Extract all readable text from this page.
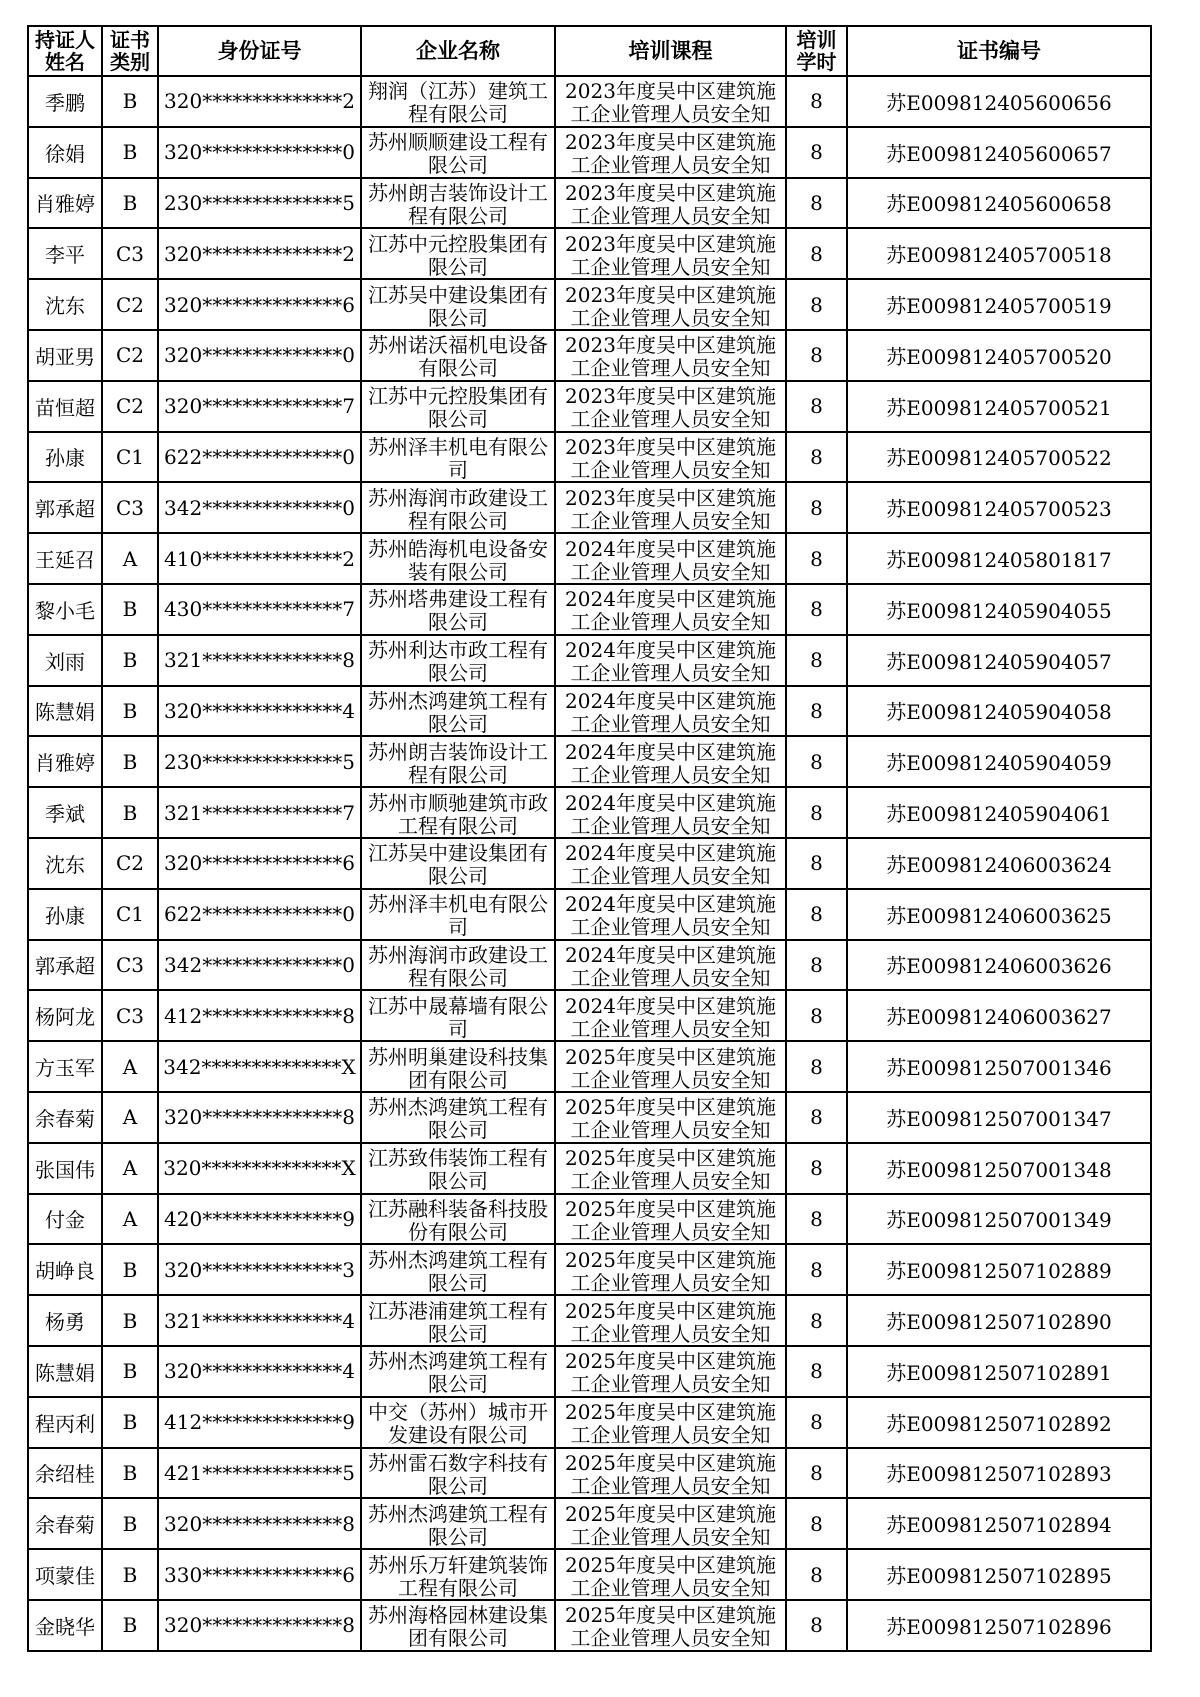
持证人姓名	证书类别	身份证号	企业名称	培训课程	培训学时	证书编号
季鹏	B	320**************2	翔润（江苏）建筑工程有限公司	2023年度吴中区建筑施工企业管理人员安全知	8	苏E009812405600656
徐娟	B	320**************0	苏州顺顺建设工程有限公司	2023年度吴中区建筑施工企业管理人员安全知	8	苏E009812405600657
肖雅婷	B	230**************5	苏州朗吉装饰设计工程有限公司	2023年度吴中区建筑施工企业管理人员安全知	8	苏E009812405600658
李平	C3	320**************2	江苏中元控股集团有限公司	2023年度吴中区建筑施工企业管理人员安全知	8	苏E009812405700518
沈东	C2	320**************6	江苏吴中建设集团有限公司	2023年度吴中区建筑施工企业管理人员安全知	8	苏E009812405700519
胡亚男	C2	320**************0	苏州诺沃福机电设备有限公司	2023年度吴中区建筑施工企业管理人员安全知	8	苏E009812405700520
苗恒超	C2	320**************7	江苏中元控股集团有限公司	2023年度吴中区建筑施工企业管理人员安全知	8	苏E009812405700521
孙康	C1	622**************0	苏州泽丰机电有限公司	2023年度吴中区建筑施工企业管理人员安全知	8	苏E009812405700522
郭承超	C3	342**************0	苏州海润市政建设工程有限公司	2023年度吴中区建筑施工企业管理人员安全知	8	苏E009812405700523
王延召	A	410**************2	苏州皓海机电设备安装有限公司	2024年度吴中区建筑施工企业管理人员安全知	8	苏E009812405801817
黎小毛	B	430**************7	苏州塔弗建设工程有限公司	2024年度吴中区建筑施工企业管理人员安全知	8	苏E009812405904055
刘雨	B	321**************8	苏州利达市政工程有限公司	2024年度吴中区建筑施工企业管理人员安全知	8	苏E009812405904057
陈慧娟	B	320**************4	苏州杰鸿建筑工程有限公司	2024年度吴中区建筑施工企业管理人员安全知	8	苏E009812405904058
肖雅婷	B	230**************5	苏州朗吉装饰设计工程有限公司	2024年度吴中区建筑施工企业管理人员安全知	8	苏E009812405904059
季斌	B	321**************7	苏州市顺驰建筑市政工程有限公司	2024年度吴中区建筑施工企业管理人员安全知	8	苏E009812405904061
沈东	C2	320**************6	江苏吴中建设集团有限公司	2024年度吴中区建筑施工企业管理人员安全知	8	苏E009812406003624
孙康	C1	622**************0	苏州泽丰机电有限公司	2024年度吴中区建筑施工企业管理人员安全知	8	苏E009812406003625
郭承超	C3	342**************0	苏州海润市政建设工程有限公司	2024年度吴中区建筑施工企业管理人员安全知	8	苏E009812406003626
杨阿龙	C3	412**************8	江苏中晟幕墙有限公司	2024年度吴中区建筑施工企业管理人员安全知	8	苏E009812406003627
方玉军	A	342**************X	苏州明巢建设科技集团有限公司	2025年度吴中区建筑施工企业管理人员安全知	8	苏E009812507001346
余春菊	A	320**************8	苏州杰鸿建筑工程有限公司	2025年度吴中区建筑施工企业管理人员安全知	8	苏E009812507001347
张国伟	A	320**************X	江苏致伟装饰工程有限公司	2025年度吴中区建筑施工企业管理人员安全知	8	苏E009812507001348
付金	A	420**************9	江苏融科装备科技股份有限公司	2025年度吴中区建筑施工企业管理人员安全知	8	苏E009812507001349
胡峥良	B	320**************3	苏州杰鸿建筑工程有限公司	2025年度吴中区建筑施工企业管理人员安全知	8	苏E009812507102889
杨勇	B	321**************4	江苏港浦建筑工程有限公司	2025年度吴中区建筑施工企业管理人员安全知	8	苏E009812507102890
陈慧娟	B	320**************4	苏州杰鸿建筑工程有限公司	2025年度吴中区建筑施工企业管理人员安全知	8	苏E009812507102891
程丙利	B	412**************9	中交（苏州）城市开发建设有限公司	2025年度吴中区建筑施工企业管理人员安全知	8	苏E009812507102892
余绍桂	B	421**************5	苏州雷石数字科技有限公司	2025年度吴中区建筑施工企业管理人员安全知	8	苏E009812507102893
余春菊	B	320**************8	苏州杰鸿建筑工程有限公司	2025年度吴中区建筑施工企业管理人员安全知	8	苏E009812507102894
项蒙佳	B	330**************6	苏州乐万轩建筑装饰工程有限公司	2025年度吴中区建筑施工企业管理人员安全知	8	苏E009812507102895
金晓华	B	320**************8	苏州海格园林建设集团有限公司	2025年度吴中区建筑施工企业管理人员安全知	8	苏E009812507102896
